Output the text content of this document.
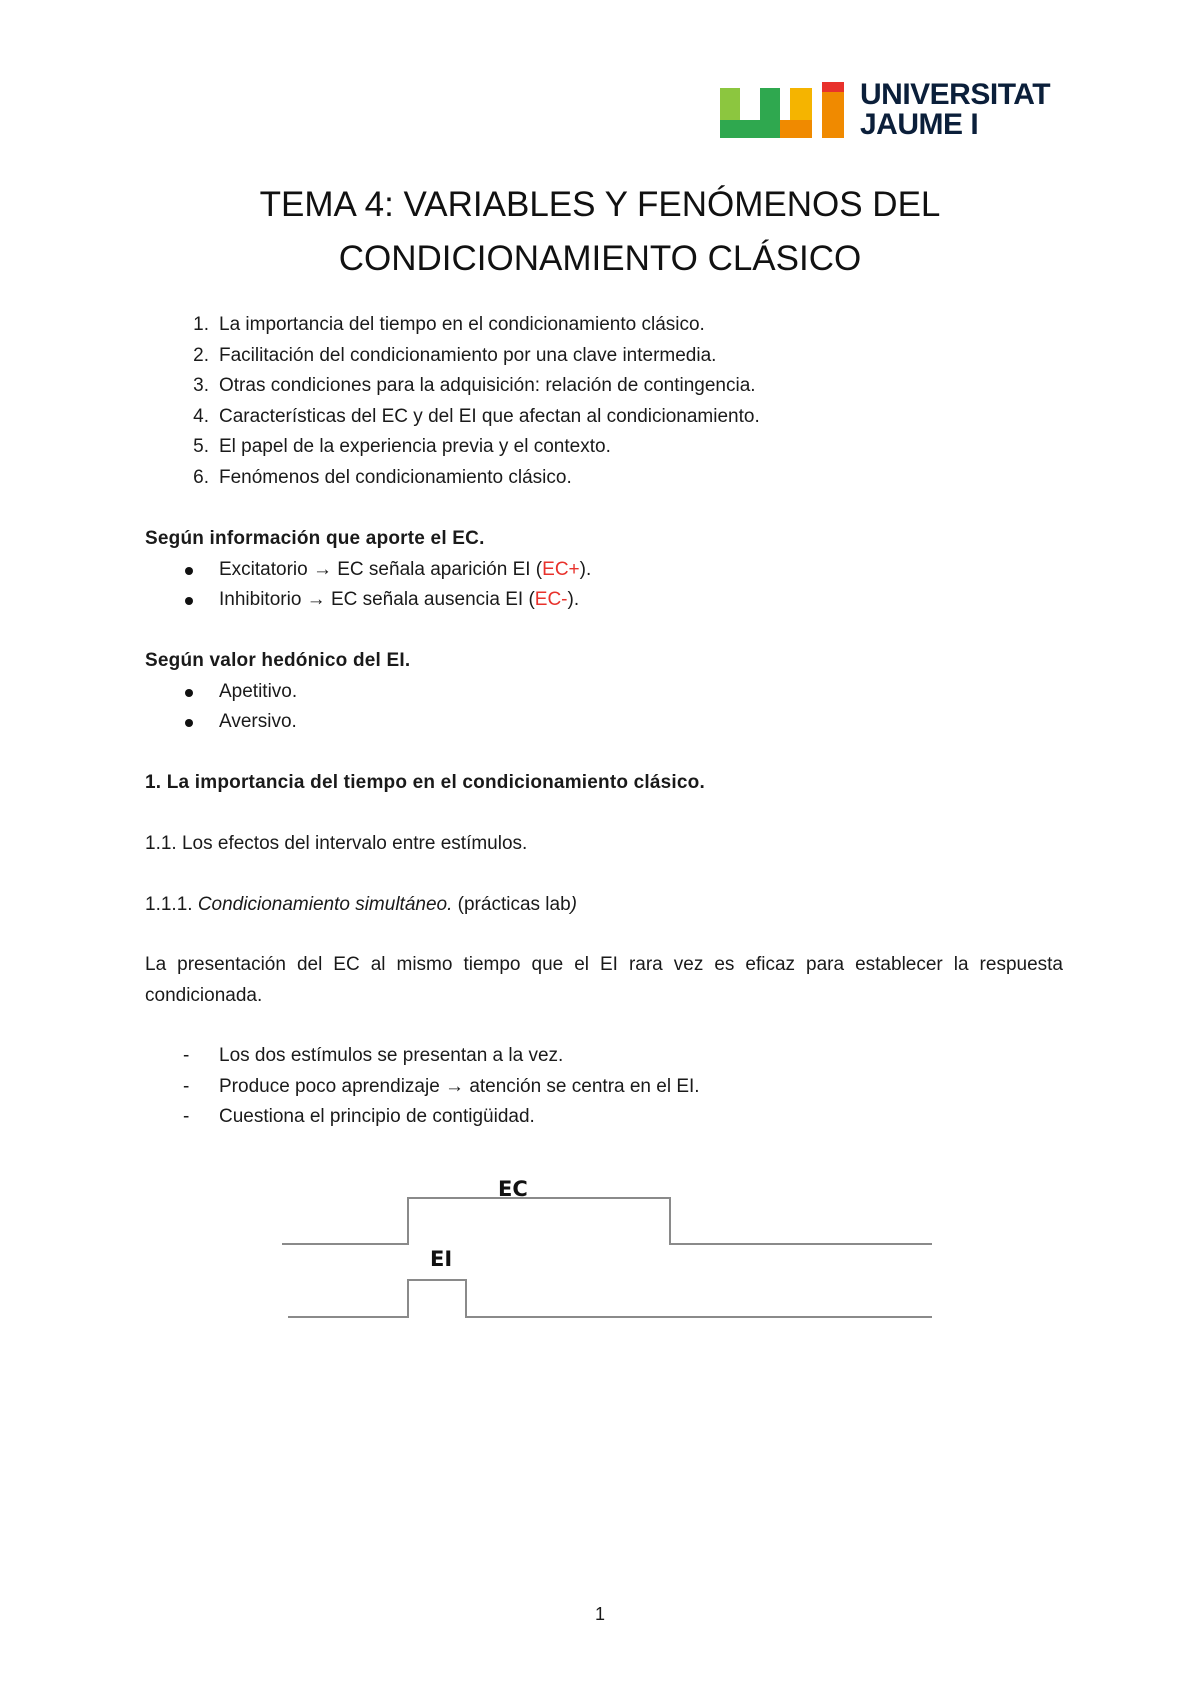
UNIVERSITAT
JAUME I
TEMA 4: VARIABLES Y FENÓMENOS DEL
CONDICIONAMIENTO CLÁSICO
1. La importancia del tiempo en el condicionamiento clásico.
2. Facilitación del condicionamiento por una clave intermedia.
3. Otras condiciones para la adquisición: relación de contingencia.
4. Características del EC y del EI que afectan al condicionamiento.
5. El papel de la experiencia previa y el contexto.
6. Fenómenos del condicionamiento clásico.
Según información que aporte el EC.
Excitatorio → EC señala aparición EI (EC+).
Inhibitorio → EC señala ausencia EI (EC-).
Según valor hedónico del EI.
Apetitivo.
Aversivo.
1. La importancia del tiempo en el condicionamiento clásico.
1.1. Los efectos del intervalo entre estímulos.
1.1.1. Condicionamiento simultáneo. (prácticas lab)
La presentación del EC al mismo tiempo que el EI rara vez es eficaz para establecer la respuesta condicionada.
- Los dos estímulos se presentan a la vez.
- Produce poco aprendizaje → atención se centra en el EI.
- Cuestiona el principio de contigüidad.
EC
EI
1
